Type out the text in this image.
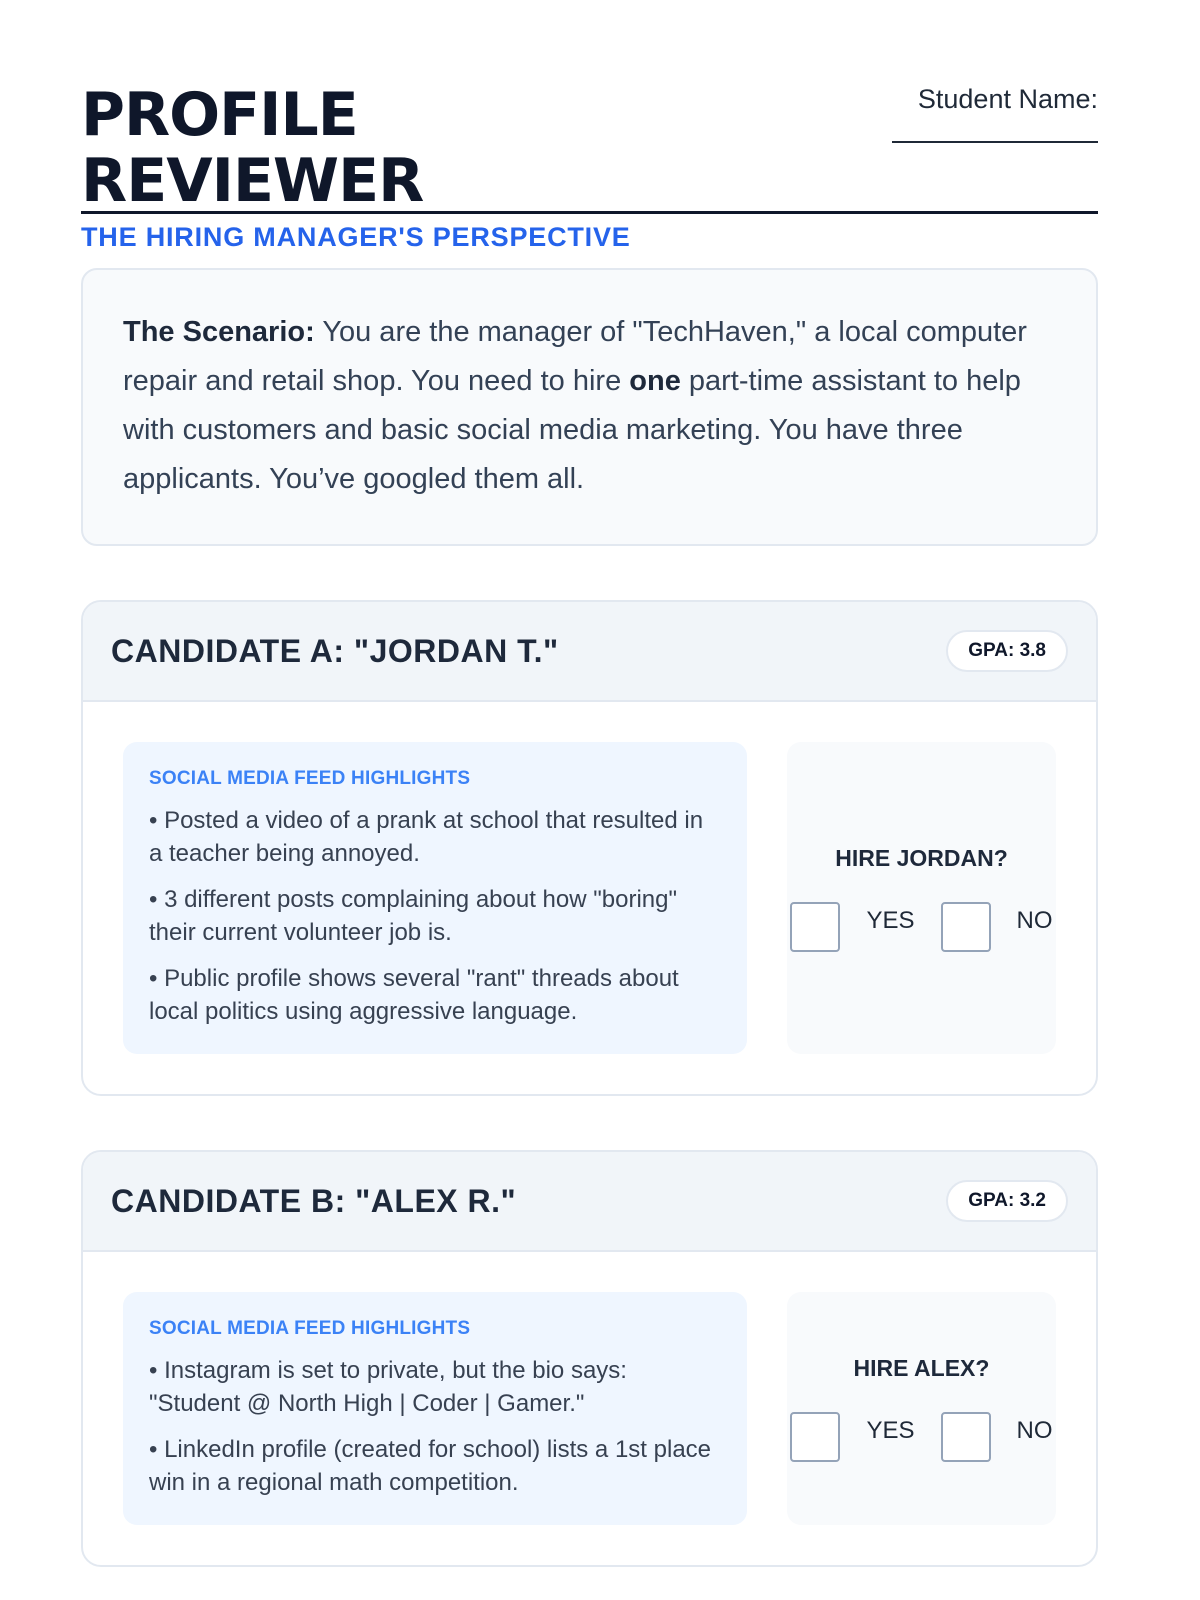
PROFILE REVIEWER
THE HIRING MANAGER'S PERSPECTIVE
Student Name:
The Scenario: You are the manager of "TechHaven," a local computer repair and retail shop. You need to hire one part-time assistant to help with customers and basic social media marketing. You have three applicants. You’ve googled them all.
CANDIDATE A: "JORDAN T."	GPA: 3.8
SOCIAL MEDIA FEED HIGHLIGHTS
• Posted a video of a prank at school that resulted in a teacher being annoyed.
• 3 different posts complaining about how "boring" their current volunteer job is.
• Public profile shows several "rant" threads about local politics using aggressive language.
HIRE JORDAN?
YES	NO
CANDIDATE B: "ALEX R."	GPA: 3.2
SOCIAL MEDIA FEED HIGHLIGHTS
• Instagram is set to private, but the bio says: "Student @ North High | Coder | Gamer."
• LinkedIn profile (created for school) lists a 1st place win in a regional math competition.
HIRE ALEX?
YES	NO
